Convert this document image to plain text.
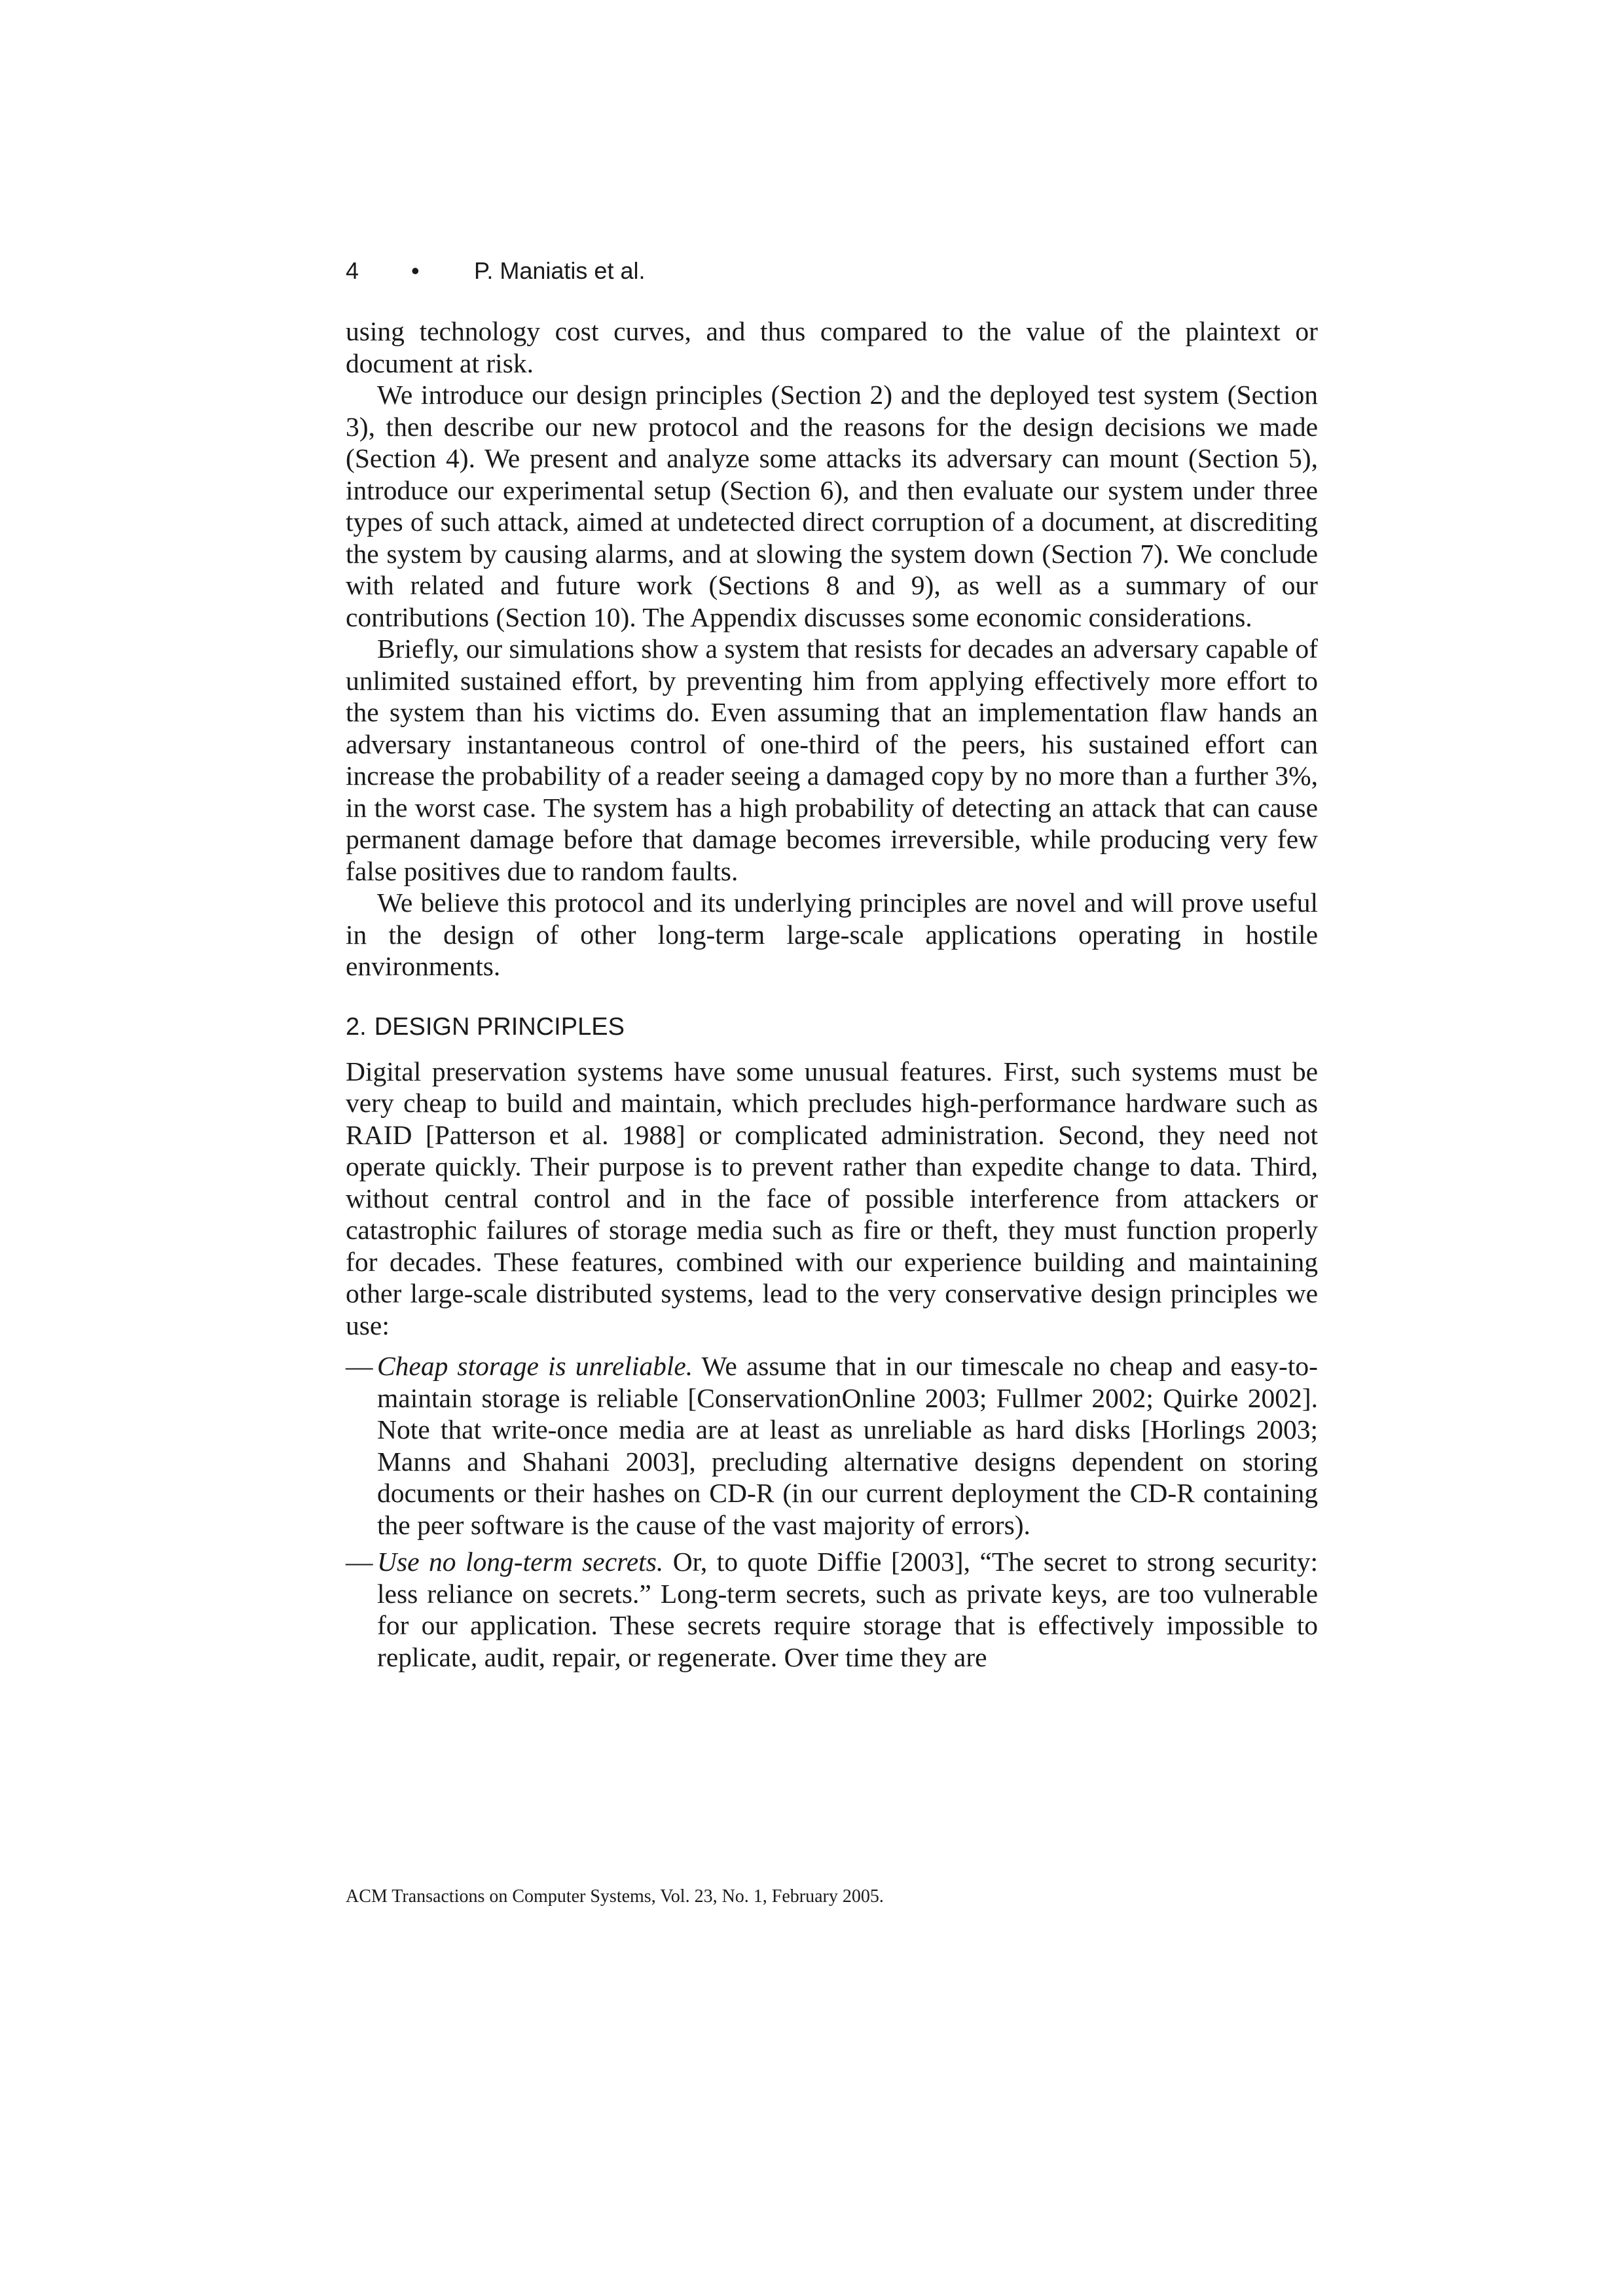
4 • P. Maniatis et al.

using technology cost curves, and thus compared to the value of the plaintext or document at risk.

We introduce our design principles (Section 2) and the deployed test system (Section 3), then describe our new protocol and the reasons for the design decisions we made (Section 4). We present and analyze some attacks its adversary can mount (Section 5), introduce our experimental setup (Section 6), and then evaluate our system under three types of such attack, aimed at undetected direct corruption of a document, at discrediting the system by causing alarms, and at slowing the system down (Section 7). We conclude with related and future work (Sections 8 and 9), as well as a summary of our contributions (Section 10). The Appendix discusses some economic considerations.

Briefly, our simulations show a system that resists for decades an adversary capable of unlimited sustained effort, by preventing him from applying effectively more effort to the system than his victims do. Even assuming that an implementation flaw hands an adversary instantaneous control of one-third of the peers, his sustained effort can increase the probability of a reader seeing a damaged copy by no more than a further 3%, in the worst case. The system has a high probability of detecting an attack that can cause permanent damage before that damage becomes irreversible, while producing very few false positives due to random faults.

We believe this protocol and its underlying principles are novel and will prove useful in the design of other long-term large-scale applications operating in hostile environments.

2. DESIGN PRINCIPLES

Digital preservation systems have some unusual features. First, such systems must be very cheap to build and maintain, which precludes high-performance hardware such as RAID [Patterson et al. 1988] or complicated administration. Second, they need not operate quickly. Their purpose is to prevent rather than expedite change to data. Third, without central control and in the face of possible interference from attackers or catastrophic failures of storage media such as fire or theft, they must function properly for decades. These features, combined with our experience building and maintaining other large-scale distributed systems, lead to the very conservative design principles we use:

— Cheap storage is unreliable. We assume that in our timescale no cheap and easy-to-maintain storage is reliable [ConservationOnline 2003; Fullmer 2002; Quirke 2002]. Note that write-once media are at least as unreliable as hard disks [Horlings 2003; Manns and Shahani 2003], precluding alternative designs dependent on storing documents or their hashes on CD-R (in our current deployment the CD-R containing the peer software is the cause of the vast majority of errors).
— Use no long-term secrets. Or, to quote Diffie [2003], “The secret to strong security: less reliance on secrets.” Long-term secrets, such as private keys, are too vulnerable for our application. These secrets require storage that is effectively impossible to replicate, audit, repair, or regenerate. Over time they are
ACM Transactions on Computer Systems, Vol. 23, No. 1, February 2005.
